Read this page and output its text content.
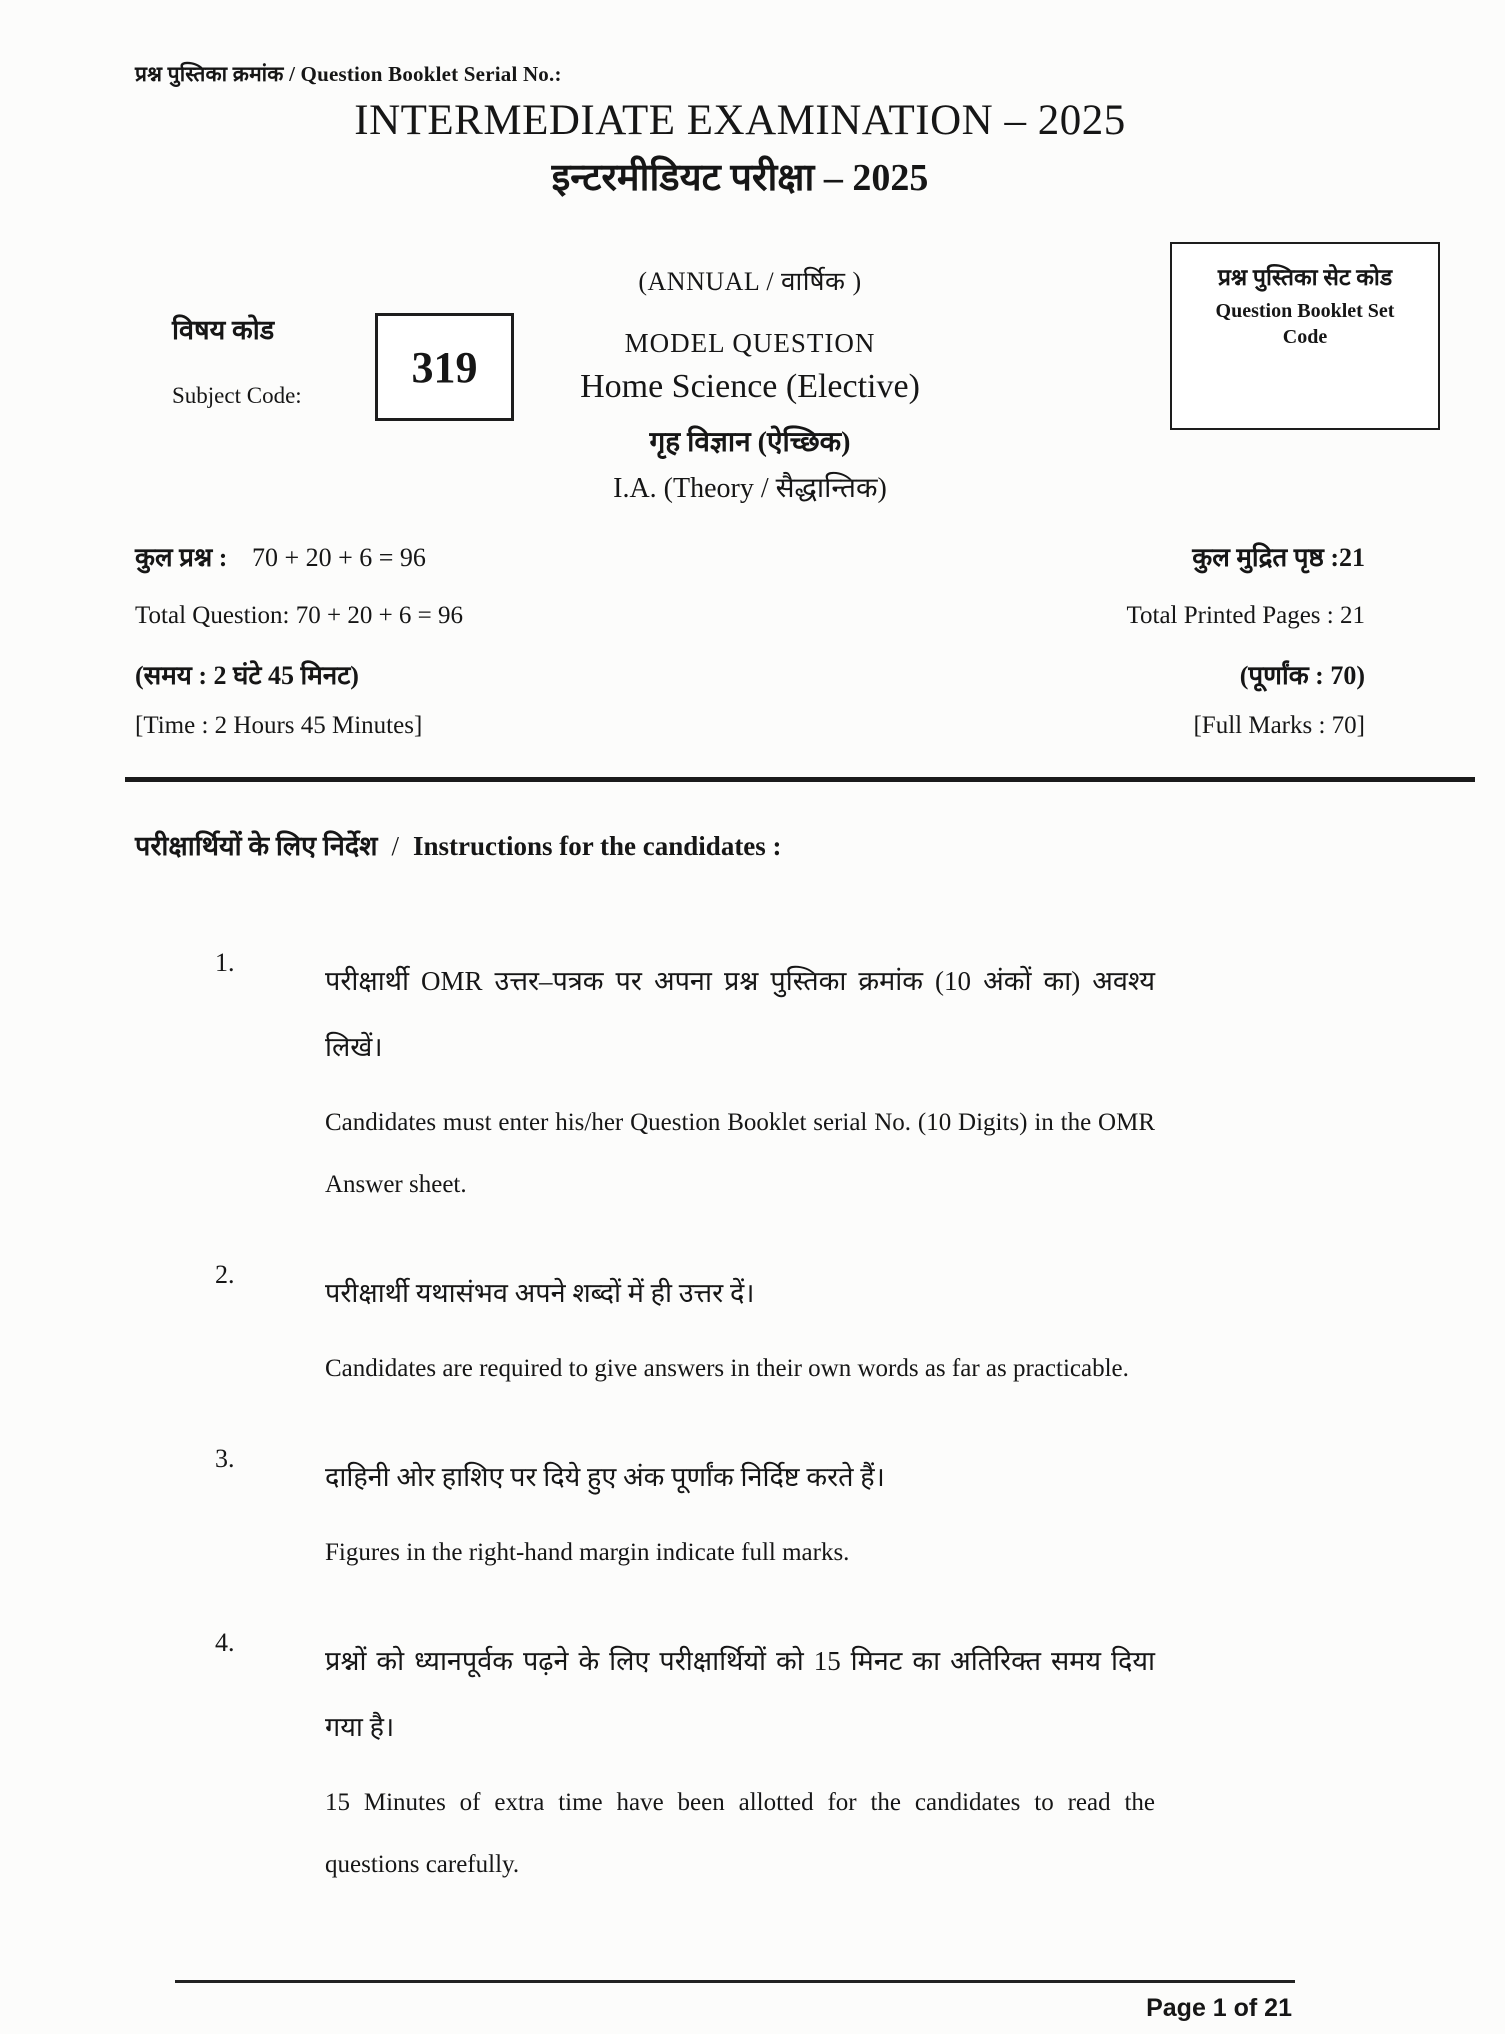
प्रश्न पुस्तिका क्रमांक / Question Booklet Serial No.:
INTERMEDIATE EXAMINATION – 2025
इन्टरमीडियट परीक्षा – 2025
(ANNUAL / वार्षिक )
MODEL QUESTION
Home Science (Elective)
गृह विज्ञान (ऐच्छिक)
I.A. (Theory / सैद्धान्तिक)
विषय कोड
Subject Code:
319
प्रश्न पुस्तिका सेट कोड
Question Booklet Set
Code
कुल प्रश्न : 70 + 20 + 6 = 96	कुल मुद्रित पृष्ठ :21
Total Question: 70 + 20 + 6 = 96	Total Printed Pages : 21
(समय : 2 घंटे 45 मिनट)	(पूर्णांक : 70)
[Time : 2 Hours 45 Minutes]	[Full Marks : 70]
परीक्षार्थियों के लिए निर्देश / Instructions for the candidates :
1.

परीक्षार्थी OMR उत्तर–पत्रक पर अपना प्रश्न पुस्तिका क्रमांक (10 अंकों का) अवश्य लिखें।

Candidates must enter his/her Question Booklet serial No. (10 Digits) in the OMR Answer sheet.

2.

परीक्षार्थी यथासंभव अपने शब्दों में ही उत्तर दें।

Candidates are required to give answers in their own words as far as practicable.

3.

दाहिनी ओर हाशिए पर दिये हुए अंक पूर्णांक निर्दिष्ट करते हैं।

Figures in the right-hand margin indicate full marks.

4.

प्रश्नों को ध्यानपूर्वक पढ़ने के लिए परीक्षार्थियों को 15 मिनट का अतिरिक्त समय दिया गया है।

15 Minutes of extra time have been allotted for the candidates to read the questions carefully.

Page 1 of 21
